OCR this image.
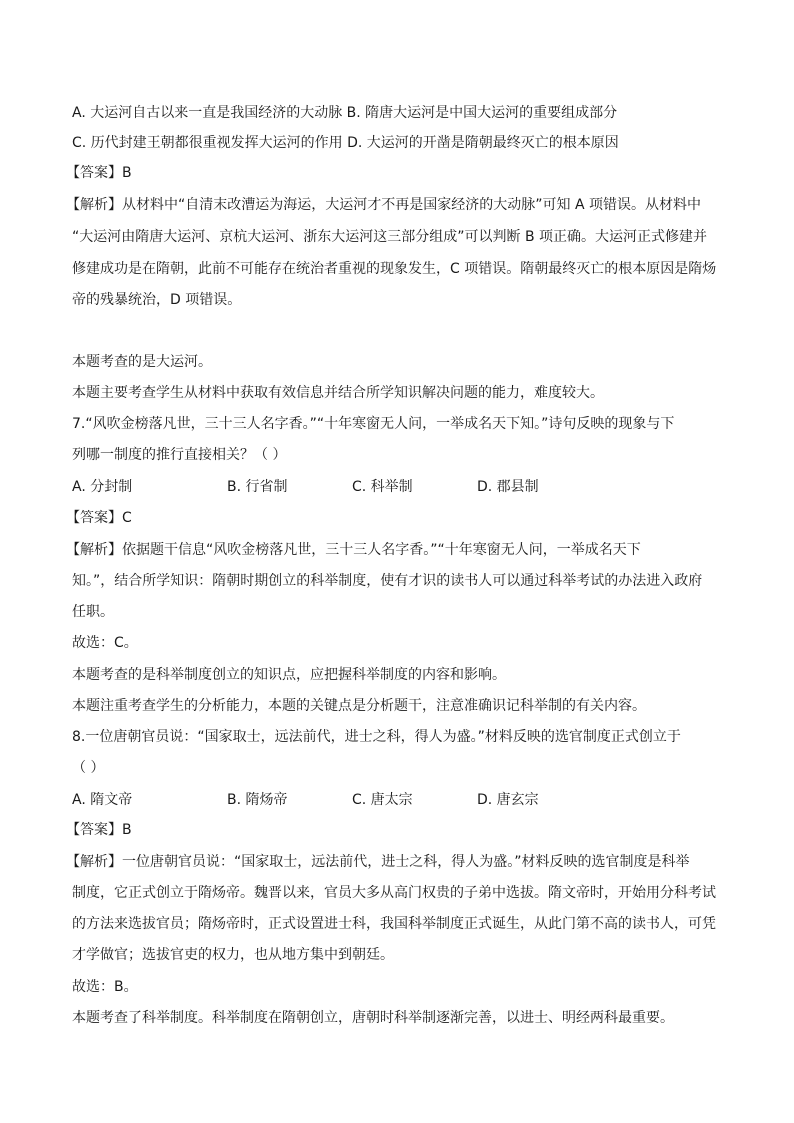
A. 大运河自古以来一直是我国经济的大动脉 B. 隋唐大运河是中国大运河的重要组成部分
C. 历代封建王朝都很重视发挥大运河的作用 D. 大运河的开凿是隋朝最终灭亡的根本原因
【答案】B
【解析】从材料中“自清末改漕运为海运，大运河才不再是国家经济的大动脉”可知 A 项错误。从材料中
“大运河由隋唐大运河、京杭大运河、浙东大运河这三部分组成”可以判断 B 项正确。大运河正式修建并
修建成功是在隋朝，此前不可能存在统治者重视的现象发生，C 项错误。隋朝最终灭亡的根本原因是隋炀
帝的残暴统治，D 项错误。
本题考查的是大运河。
本题主要考查学生从材料中获取有效信息并结合所学知识解决问题的能力，难度较大。
7.“风吹金榜落凡世，三十三人名字香。”“十年寒窗无人问，一举成名天下知。”诗句反映的现象与下
列哪一制度的推行直接相关？（ ）
A. 分封制	B. 行省制	C. 科举制	D. 郡县制
【答案】C
【解析】依据题干信息“风吹金榜落凡世，三十三人名字香。”“十年寒窗无人问，一举成名天下
知。”，结合所学知识：隋朝时期创立的科举制度，使有才识的读书人可以通过科举考试的办法进入政府
任职。
故选：C。
本题考查的是科举制度创立的知识点，应把握科举制度的内容和影响。
本题注重考查学生的分析能力，本题的关键点是分析题干，注意准确识记科举制的有关内容。
8.一位唐朝官员说：“国家取士，远法前代，进士之科，得人为盛。”材料反映的选官制度正式创立于
（ ）
A. 隋文帝	B. 隋炀帝	C. 唐太宗	D. 唐玄宗
【答案】B
【解析】一位唐朝官员说：“国家取士，远法前代，进士之科，得人为盛。”材料反映的选官制度是科举
制度，它正式创立于隋炀帝。魏晋以来，官员大多从高门权贵的子弟中选拔。隋文帝时，开始用分科考试
的方法来选拔官员；隋炀帝时，正式设置进士科，我国科举制度正式诞生，从此门第不高的读书人，可凭
才学做官；选拔官吏的权力，也从地方集中到朝廷。
故选：B。
本题考查了科举制度。科举制度在隋朝创立，唐朝时科举制逐渐完善，以进士、明经两科最重要。
